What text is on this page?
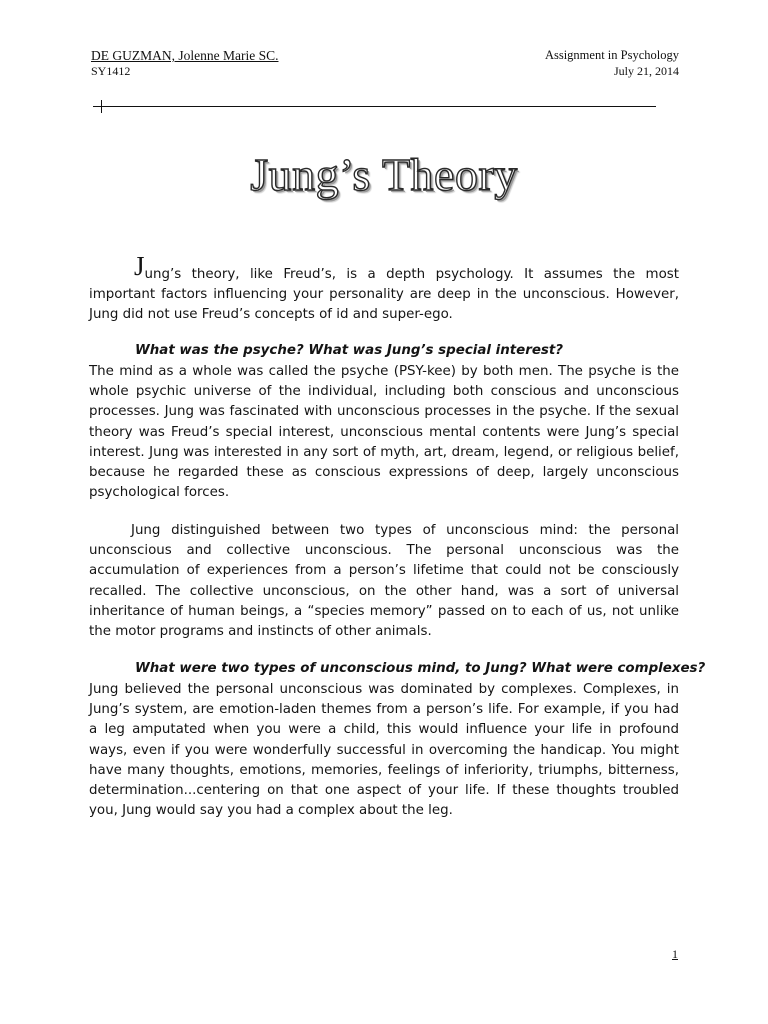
DE GUZMAN, Jolenne Marie SC.
SY1412
Assignment in Psychology
July 21, 2014
Jung’s Theory
Jung’s theory, like Freud’s, is a depth psychology. It assumes the most important factors influencing your personality are deep in the unconscious. However, Jung did not use Freud’s concepts of id and super-ego.
What was the psyche? What was Jung’s special interest?
The mind as a whole was called the psyche (PSY-kee) by both men. The psyche is the whole psychic universe of the individual, including both conscious and unconscious processes. Jung was fascinated with unconscious processes in the psyche. If the sexual theory was Freud’s special interest, unconscious mental contents were Jung’s special interest. Jung was interested in any sort of myth, art, dream, legend, or religious belief, because he regarded these as conscious expressions of deep, largely unconscious psychological forces.
Jung distinguished between two types of unconscious mind: the personal unconscious and collective unconscious. The personal unconscious was the accumulation of experiences from a person’s lifetime that could not be consciously recalled. The collective unconscious, on the other hand, was a sort of universal inheritance of human beings, a “species memory” passed on to each of us, not unlike the motor programs and instincts of other animals.
What were two types of unconscious mind, to Jung? What were complexes?
Jung believed the personal unconscious was dominated by complexes. Complexes, in Jung’s system, are emotion-laden themes from a person’s life. For example, if you had a leg amputated when you were a child, this would influence your life in profound ways, even if you were wonderfully successful in overcoming the handicap. You might have many thoughts, emotions, memories, feelings of inferiority, triumphs, bitterness, determination...centering on that one aspect of your life. If these thoughts troubled you, Jung would say you had a complex about the leg.
1
